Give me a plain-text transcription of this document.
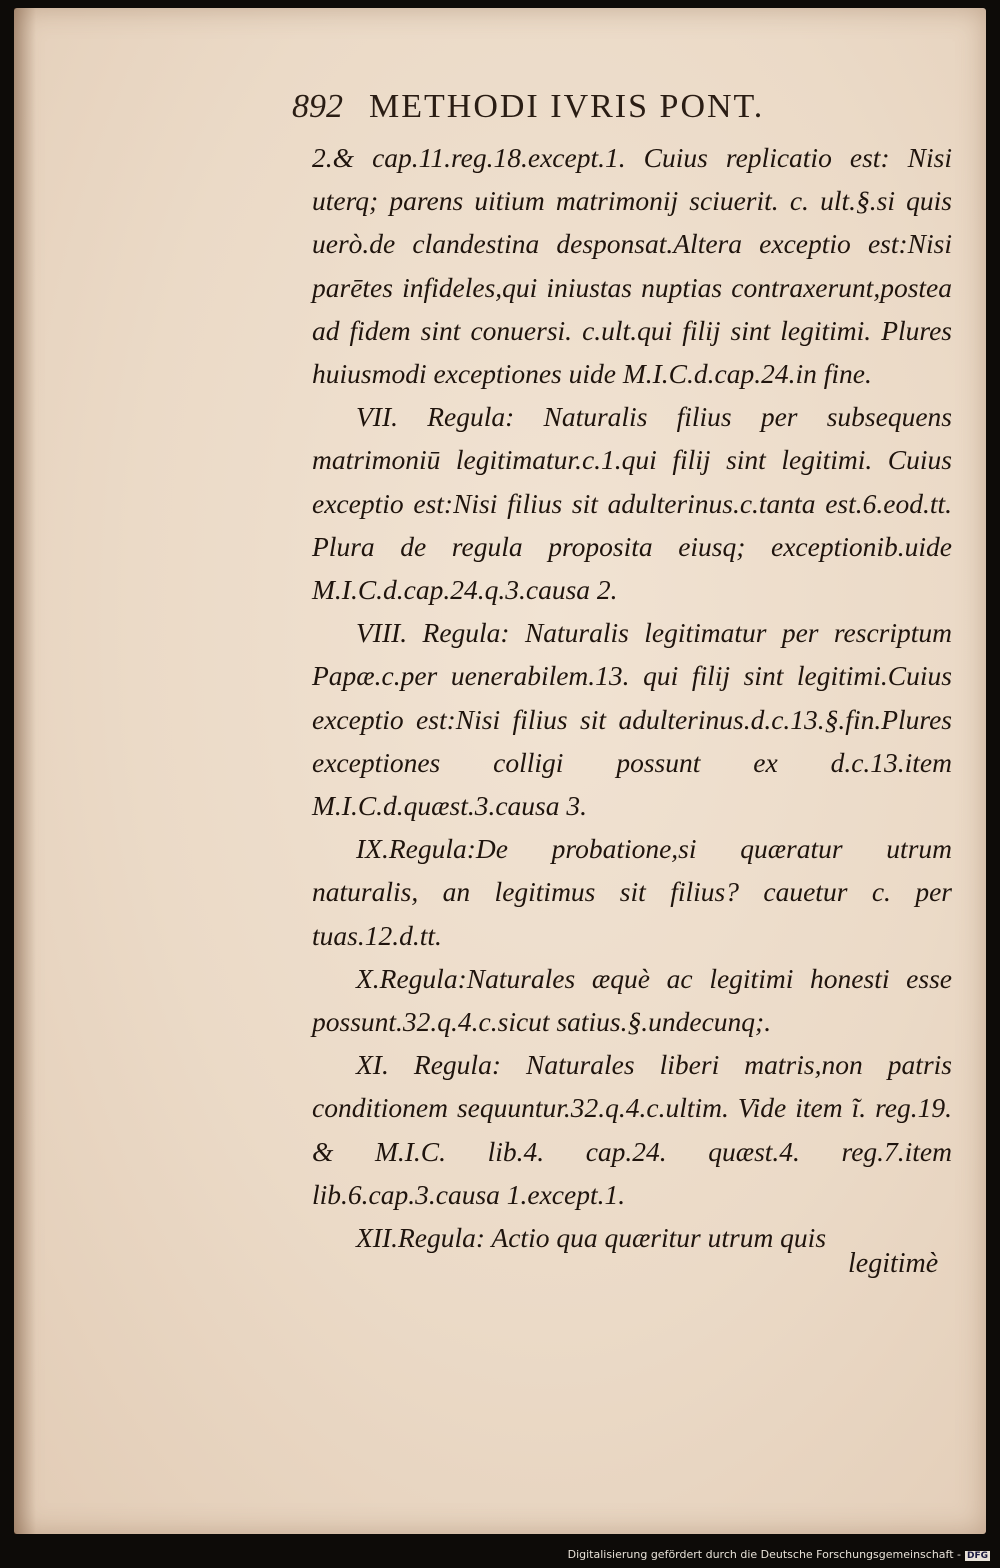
892 METHODI IVRIS PONT.

2.& cap.11.reg.18.except.1. Cuius replicatio est: Nisi uterq; parens uitium matrimonij sciuerit. c. ult.§.si quis uerò.de clandestina desponsat.Altera exceptio est:Nisi parētes infideles,qui iniustas nuptias contraxerunt,postea ad fidem sint conuersi. c.ult.qui filij sint legitimi. Plures huiusmodi exceptiones uide M.I.C.d.cap.24.in fine.

VII. Regula: Naturalis filius per subsequens matrimoniū legitimatur.c.1.qui filij sint legitimi. Cuius exceptio est:Nisi filius sit adulterinus.c.tanta est.6.eod.tt. Plura de regula proposita eiusq; exceptionib.uide M.I.C.d.cap.24.q.3.causa 2.

VIII. Regula: Naturalis legitimatur per rescriptum Papæ.c.per uenerabilem.13. qui filij sint legitimi.Cuius exceptio est:Nisi filius sit adulterinus.d.c.13.§.fin.Plures exceptiones colligi possunt ex d.c.13.item M.I.C.d.quæst.3.causa 3.

IX.Regula:De probatione,si quæratur utrum naturalis, an legitimus sit filius? cauetur c. per tuas.12.d.tt.

X.Regula:Naturales æquè ac legitimi honesti esse possunt.32.q.4.c.sicut satius.§.undecunq;.

XI. Regula: Naturales liberi matris,non patris conditionem sequuntur.32.q.4.c.ultim. Vide item ĩ. reg.19. & M.I.C. lib.4. cap.24. quæst.4. reg.7.item lib.6.cap.3.causa 1.except.1.

XII.Regula: Actio qua quæritur utrum quis

legitimè
Digitalisierung gefördert durch die Deutsche Forschungsgemeinschaft - DFG
